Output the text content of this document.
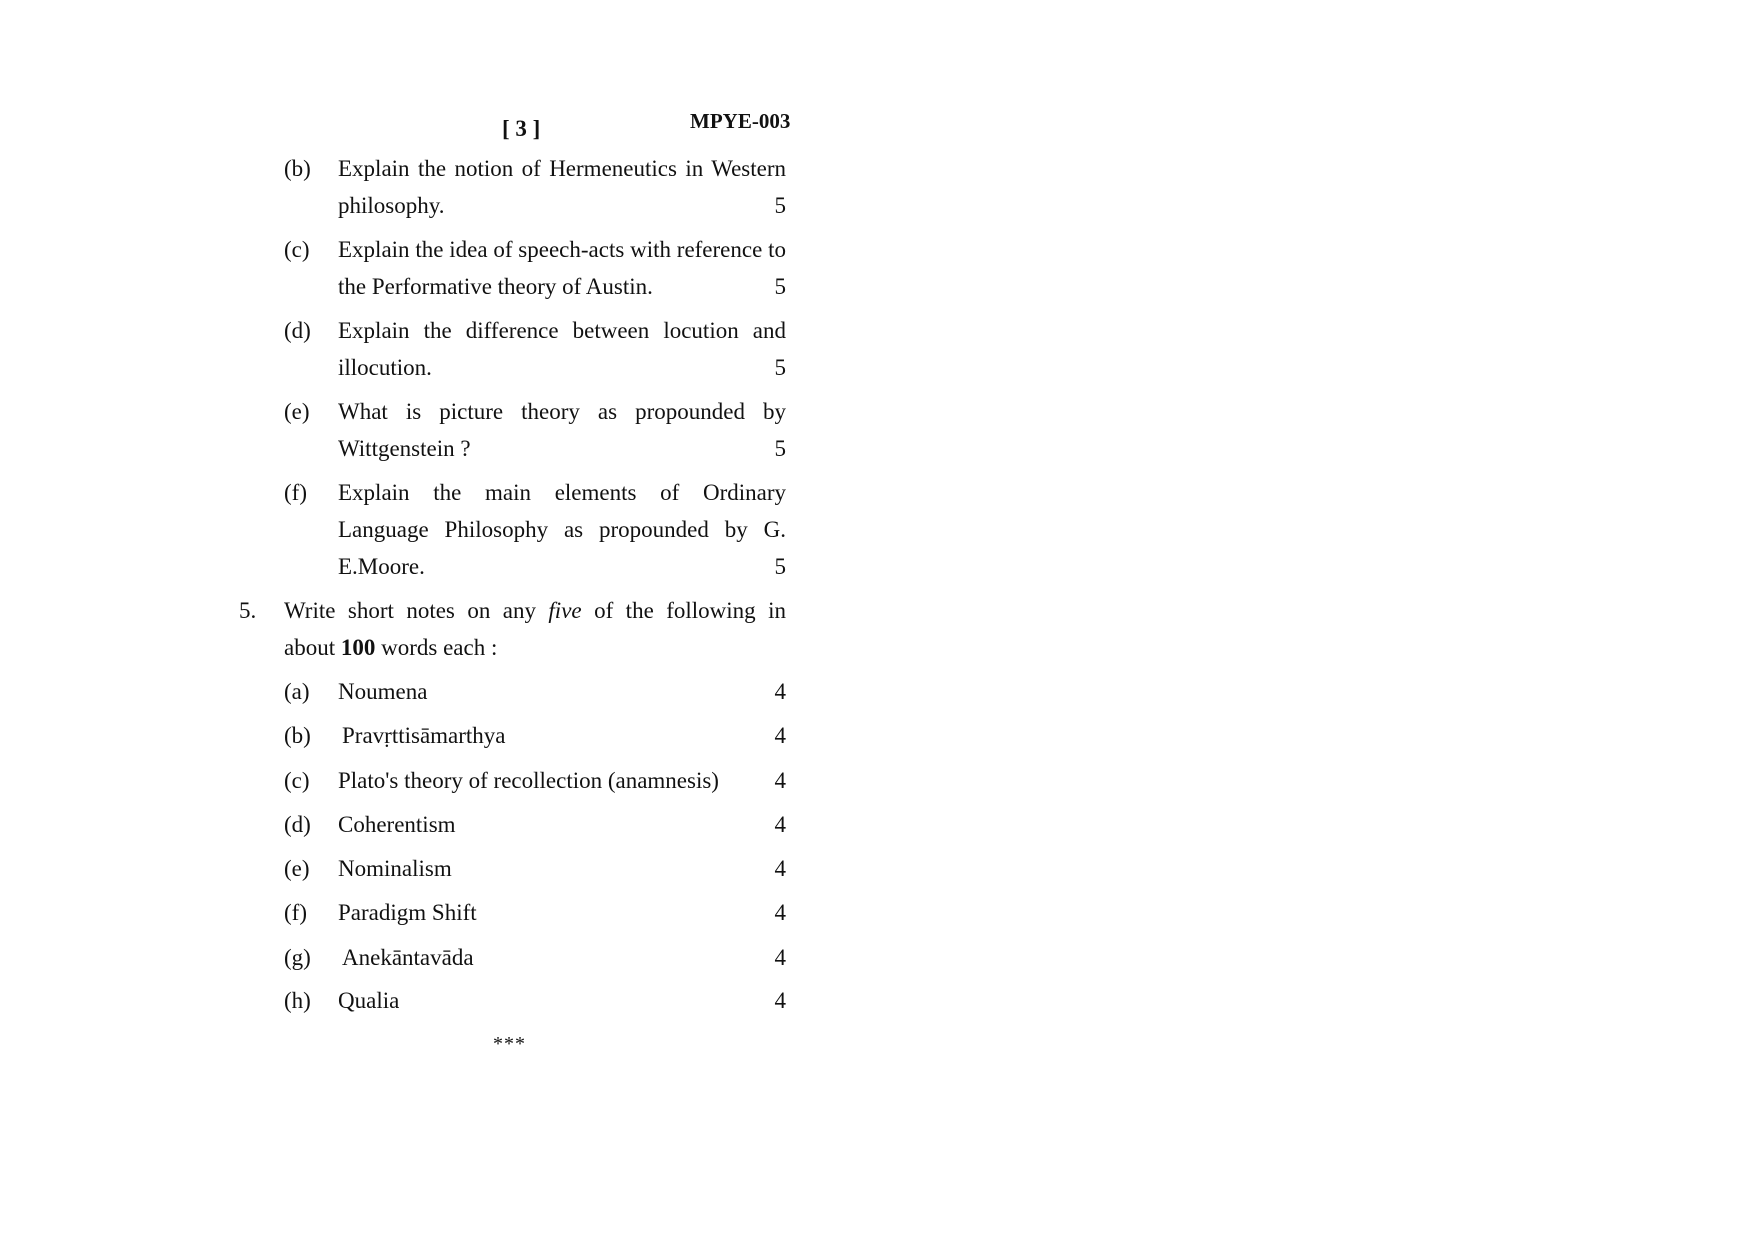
[ 3 ]	MPYE-003
(b) Explain the notion of Hermeneutics in Western
philosophy.	5
(c) Explain the idea of speech-acts with reference to
the Performative theory of Austin.	5
(d) Explain the difference between locution and
illocution.	5
(e) What is picture theory as propounded by
Wittgenstein ?	5
(f) Explain the main elements of Ordinary
Language Philosophy as propounded by G.
E.Moore.	5
5. Write short notes on any five of the following in
about 100 words each :
(a) Noumena	4
(b) Pravṛttisāmarthya	4
(c) Plato's theory of recollection (anamnesis)	4
(d) Coherentism	4
(e) Nominalism	4
(f) Paradigm Shift	4
(g) Anekāntavāda	4
(h) Qualia	4
***
